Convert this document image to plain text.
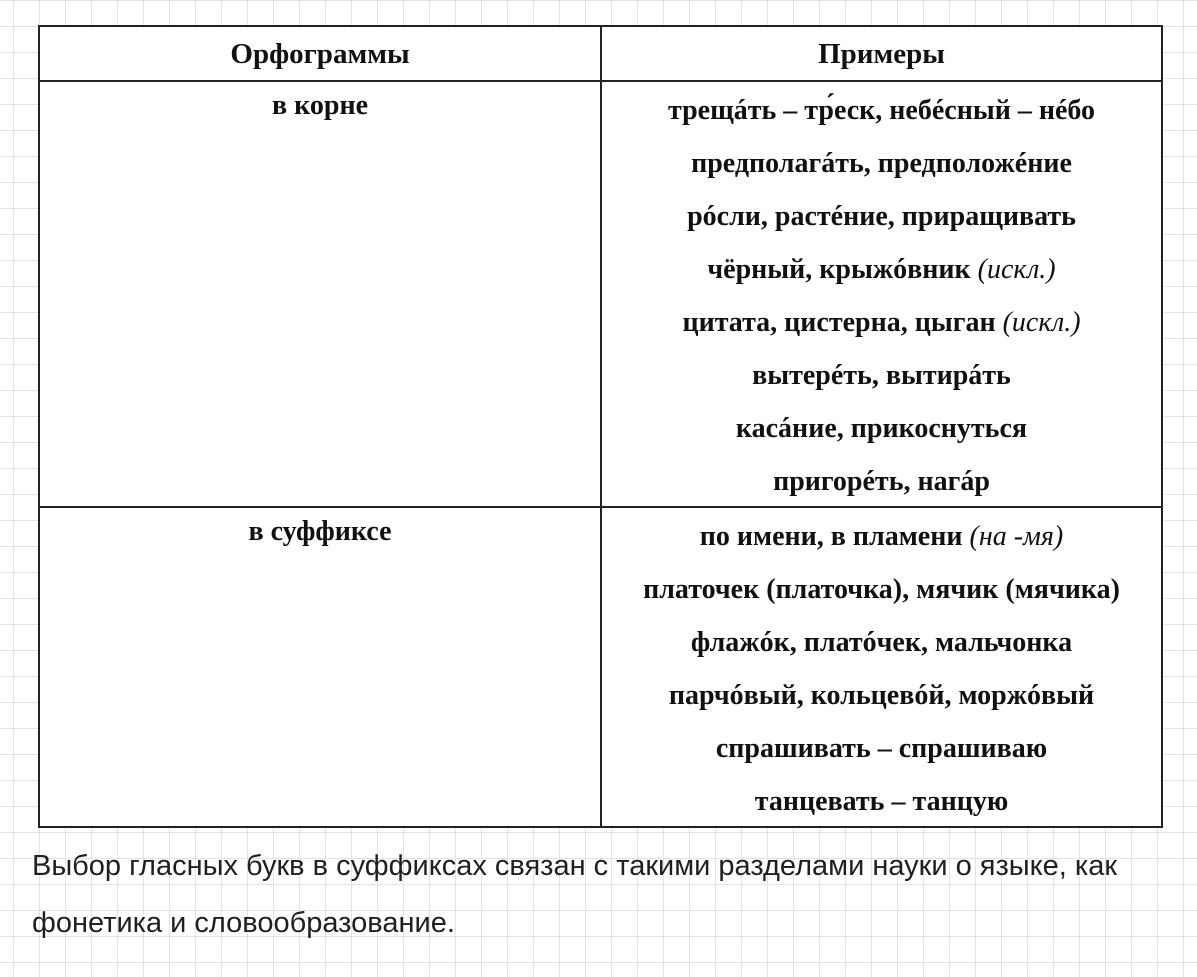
Орфограммы	Примеры
в корне	трещáть – тр́еск, небéсный – нéбо
предполагáть, предположéние
рóсли, растéние, приращивать
чёрный, крыжóвник (искл.)
цитата, цистерна, цыган (искл.)
вытерéть, вытирáть
касáние, прикоснуться
пригорéть, нагáр
в суффиксе	по имени, в пламени (на -мя)
платочек (платочка), мячик (мячика)
флажóк, платóчек, мальчонка
парчóвый, кольцевóй, моржóвый
спрашивать – спрашиваю
танцевать – танцую

Выбор гласных букв в суффиксах связан с такими разделами науки о языке, как фонетика и словообразование.
